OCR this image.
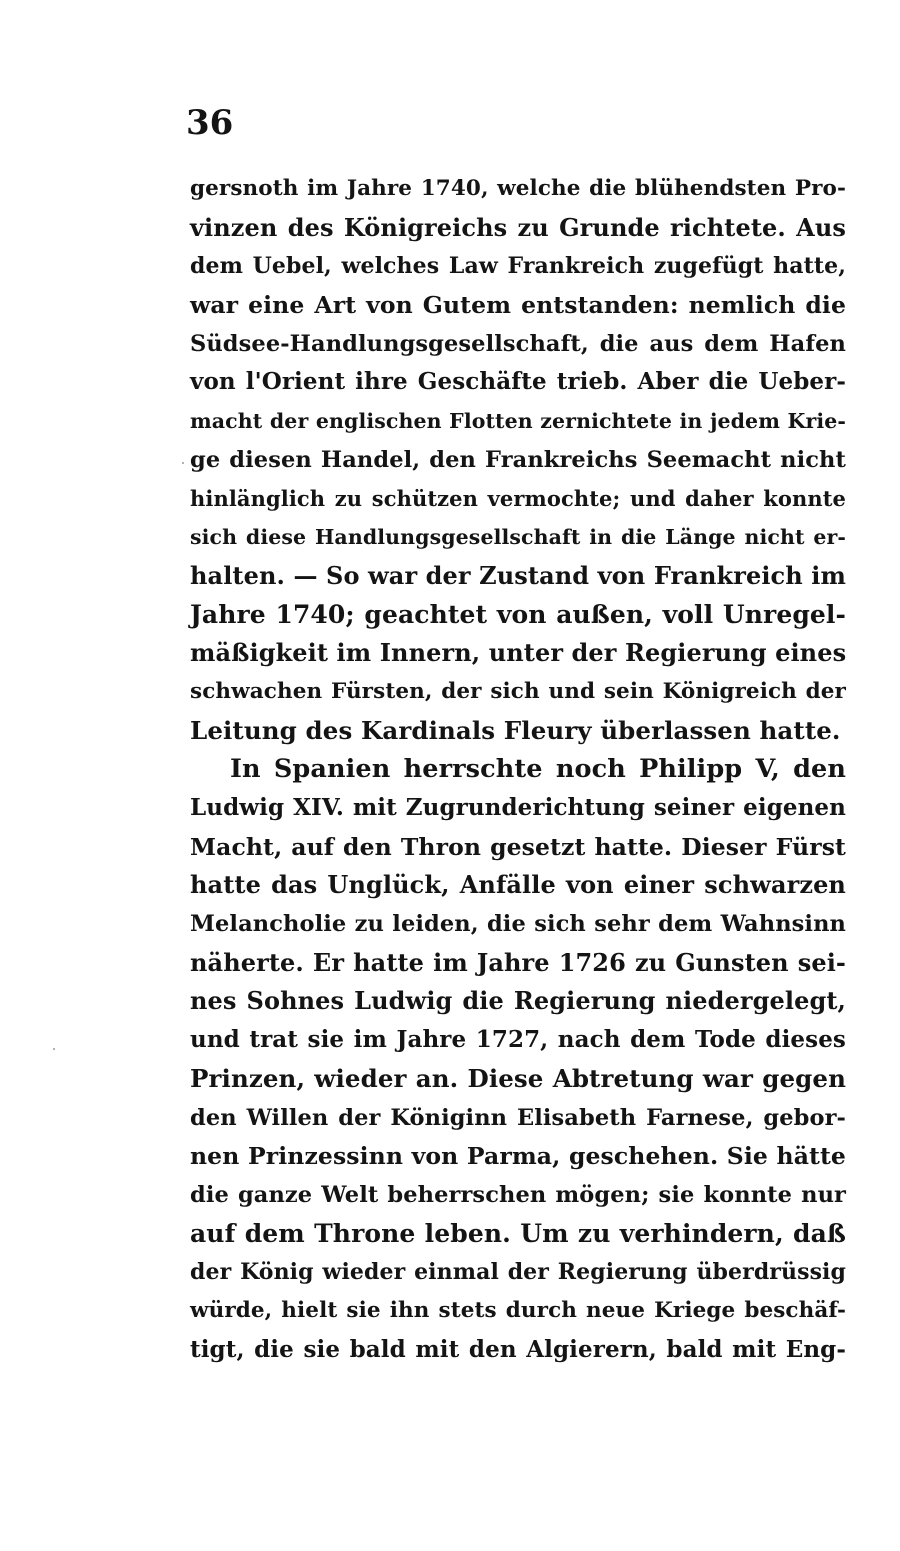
36
gersnoth im Jahre 1740, welche die blühendsten Pro-
vinzen des Königreichs zu Grunde richtete. Aus
dem Uebel, welches Law Frankreich zugefügt hatte,
war eine Art von Gutem entstanden: nemlich die
Südsee-Handlungsgesellschaft, die aus dem Hafen
von l'Orient ihre Geschäfte trieb. Aber die Ueber-
macht der englischen Flotten zernichtete in jedem Krie-
ge diesen Handel, den Frankreichs Seemacht nicht
hinlänglich zu schützen vermochte; und daher konnte
sich diese Handlungsgesellschaft in die Länge nicht er-
halten. — So war der Zustand von Frankreich im
Jahre 1740; geachtet von außen, voll Unregel-
mäßigkeit im Innern, unter der Regierung eines
schwachen Fürsten, der sich und sein Königreich der
Leitung des Kardinals Fleury überlassen hatte.
In Spanien herrschte noch Philipp V, den
Ludwig XIV. mit Zugrunderichtung seiner eigenen
Macht, auf den Thron gesetzt hatte. Dieser Fürst
hatte das Unglück, Anfälle von einer schwarzen
Melancholie zu leiden, die sich sehr dem Wahnsinn
näherte. Er hatte im Jahre 1726 zu Gunsten sei-
nes Sohnes Ludwig die Regierung niedergelegt,
und trat sie im Jahre 1727, nach dem Tode dieses
Prinzen, wieder an. Diese Abtretung war gegen
den Willen der Königinn Elisabeth Farnese, gebor-
nen Prinzessinn von Parma, geschehen. Sie hätte
die ganze Welt beherrschen mögen; sie konnte nur
auf dem Throne leben. Um zu verhindern, daß
der König wieder einmal der Regierung überdrüssig
würde, hielt sie ihn stets durch neue Kriege beschäf-
tigt, die sie bald mit den Algierern, bald mit Eng-
